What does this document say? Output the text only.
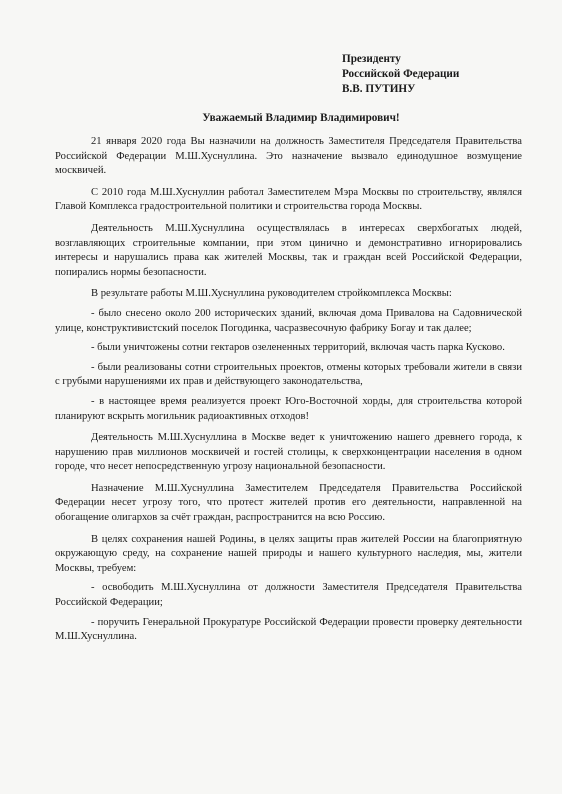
Президенту
Российской Федерации
В.В. ПУТИНУ
Уважаемый Владимир Владимирович!

21 января 2020 года Вы назначили на должность Заместителя Председателя Правительства Российской Федерации М.Ш.Хуснуллина. Это назначение вызвало единодушное возмущение москвичей.

С 2010 года М.Ш.Хуснуллин работал Заместителем Мэра Москвы по строительству, являлся Главой Комплекса градостроительной политики и строительства города Москвы.

Деятельность М.Ш.Хуснуллина осуществлялась в интересах сверхбогатых людей, возглавляющих строительные компании, при этом цинично и демонстративно игнорировались интересы и нарушались права как жителей Москвы, так и граждан всей Российской Федерации, попирались нормы безопасности.

В результате работы М.Ш.Хуснуллина руководителем стройкомплекса Москвы:

- было снесено около 200 исторических зданий, включая дома Привалова на Садовнической улице, конструктивистский поселок Погодинка, часразвесочную фабрику Богау и так далее;

- были уничтожены сотни гектаров озелененных территорий, включая часть парка Кусково.

- были реализованы сотни строительных проектов, отмены которых требовали жители в связи с грубыми нарушениями их прав и действующего законодательства,

- в настоящее время реализуется проект Юго-Восточной хорды, для строительства которой планируют вскрыть могильник радиоактивных отходов!

Деятельность М.Ш.Хуснуллина в Москве ведет к уничтожению нашего древнего города, к нарушению прав миллионов москвичей и гостей столицы, к сверхконцентрации населения в одном городе, что несет непосредственную угрозу национальной безопасности.

Назначение М.Ш.Хуснуллина Заместителем Председателя Правительства Российской Федерации несет угрозу того, что протест жителей против его деятельности, направленной на обогащение олигархов за счёт граждан, распространится на всю Россию.

В целях сохранения нашей Родины, в целях защиты прав жителей России на благоприятную окружающую среду, на сохранение нашей природы и нашего культурного наследия, мы, жители Москвы, требуем:

- освободить М.Ш.Хуснуллина от должности Заместителя Председателя Правительства Российской Федерации;

- поручить Генеральной Прокуратуре Российской Федерации провести проверку деятельности М.Ш.Хуснуллина.
